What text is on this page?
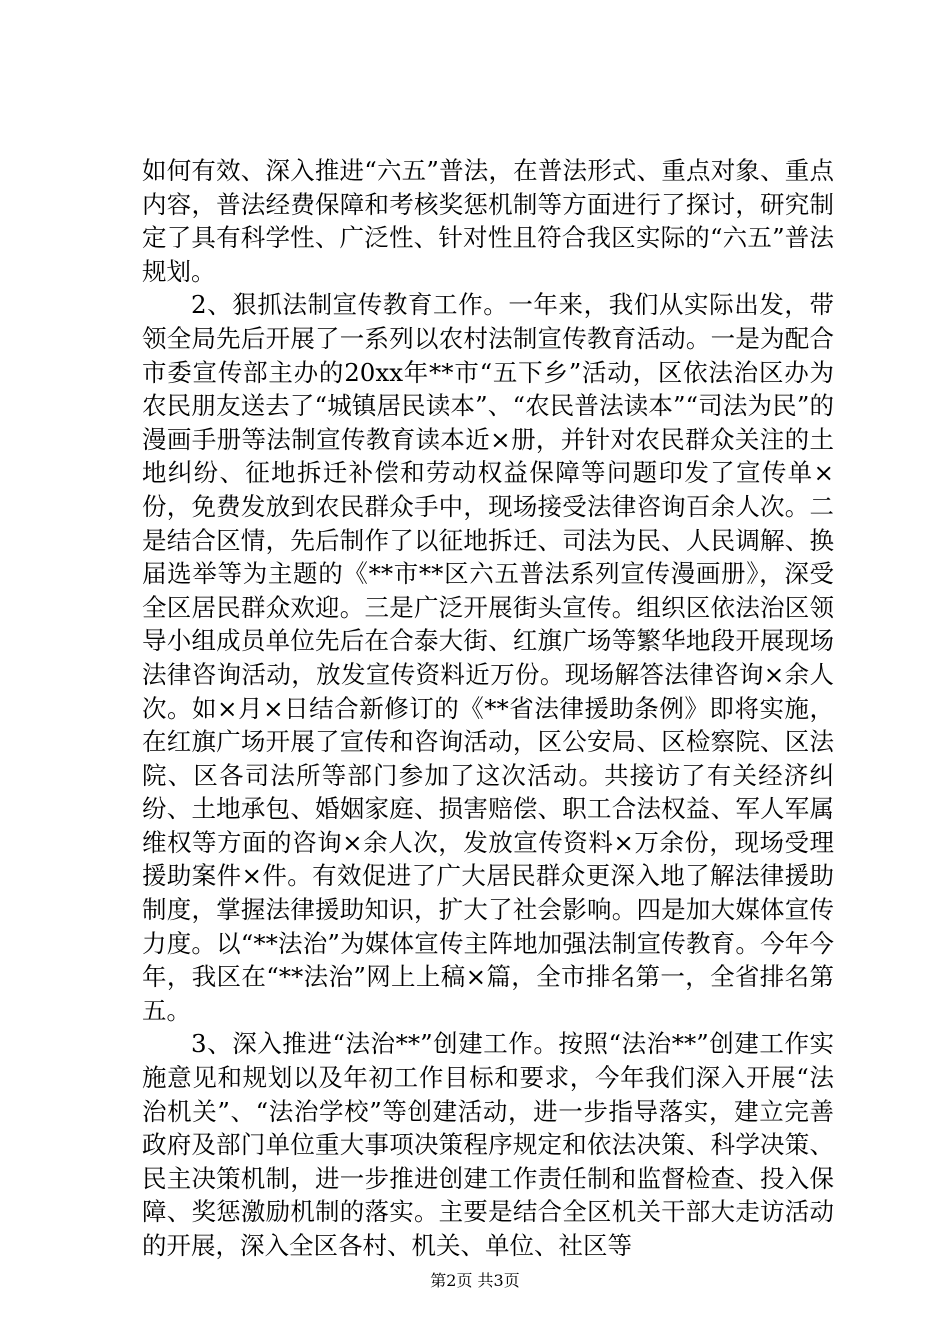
如何有效、深入推进“六五”普法，在普法形式、重点对象、重点内容，普法经费保障和考核奖惩机制等方面进行了探讨，研究制定了具有科学性、广泛性、针对性且符合我区实际的“六五”普法规划。

2、狠抓法制宣传教育工作。一年来，我们从实际出发，带领全局先后开展了一系列以农村法制宣传教育活动。一是为配合市委宣传部主办的20xx年**市“五下乡”活动，区依法治区办为农民朋友送去了“城镇居民读本”、“农民普法读本”“司法为民”的漫画手册等法制宣传教育读本近×册，并针对农民群众关注的土地纠纷、征地拆迁补偿和劳动权益保障等问题印发了宣传单×份，免费发放到农民群众手中，现场接受法律咨询百余人次。二是结合区情，先后制作了以征地拆迁、司法为民、人民调解、换届选举等为主题的《**市**区六五普法系列宣传漫画册》，深受全区居民群众欢迎。三是广泛开展街头宣传。组织区依法治区领导小组成员单位先后在合泰大街、红旗广场等繁华地段开展现场法律咨询活动，放发宣传资料近万份。现场解答法律咨询×余人次。如×月×日结合新修订的《**省法律援助条例》即将实施，在红旗广场开展了宣传和咨询活动，区公安局、区检察院、区法院、区各司法所等部门参加了这次活动。共接访了有关经济纠纷、土地承包、婚姻家庭、损害赔偿、职工合法权益、军人军属维权等方面的咨询×余人次，发放宣传资料×万余份，现场受理援助案件×件。有效促进了广大居民群众更深入地了解法律援助制度，掌握法律援助知识，扩大了社会影响。四是加大媒体宣传力度。以“**法治”为媒体宣传主阵地加强法制宣传教育。今年今年，我区在“**法治”网上上稿×篇，全市排名第一，全省排名第五。

3、深入推进“法治**”创建工作。按照“法治**”创建工作实施意见和规划以及年初工作目标和要求，今年我们深入开展“法治机关”、“法治学校”等创建活动，进一步指导落实，建立完善政府及部门单位重大事项决策程序规定和依法决策、科学决策、民主决策机制，进一步推进创建工作责任制和监督检查、投入保障、奖惩激励机制的落实。主要是结合全区机关干部大走访活动的开展，深入全区各村、机关、单位、社区等

第2页 共3页
